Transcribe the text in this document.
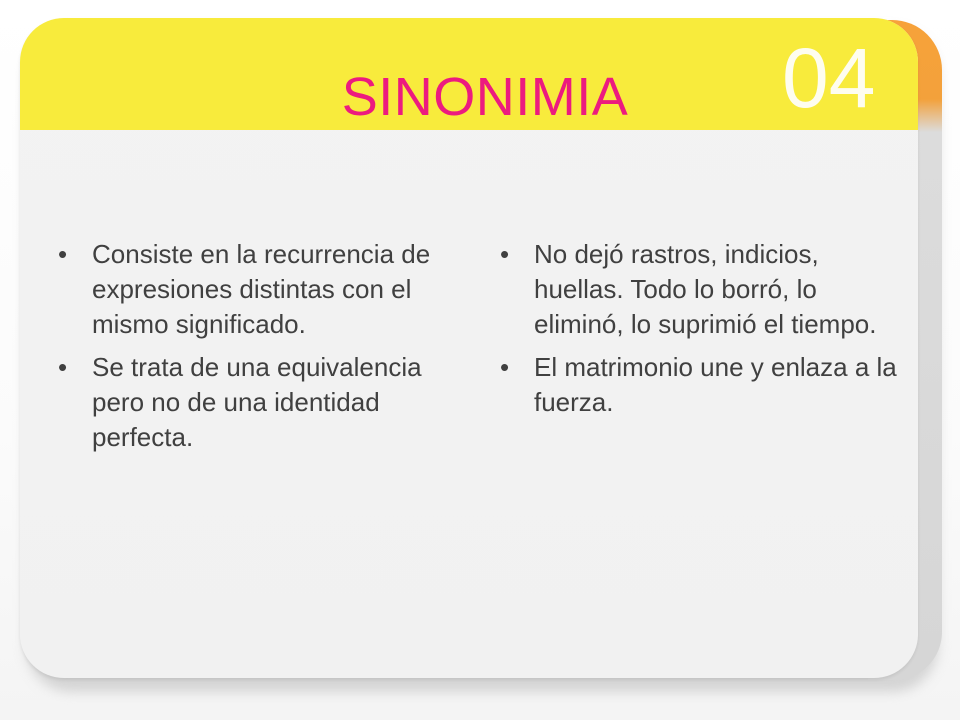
04
SINONIMIA
• Consiste en la recurrencia de expresiones distintas con el mismo significado.
• Se trata de una equivalencia pero no de una identidad perfecta.
• No dejó rastros, indicios, huellas. Todo lo borró, lo eliminó, lo suprimió el tiempo.
• El matrimonio une y enlaza a la fuerza.
